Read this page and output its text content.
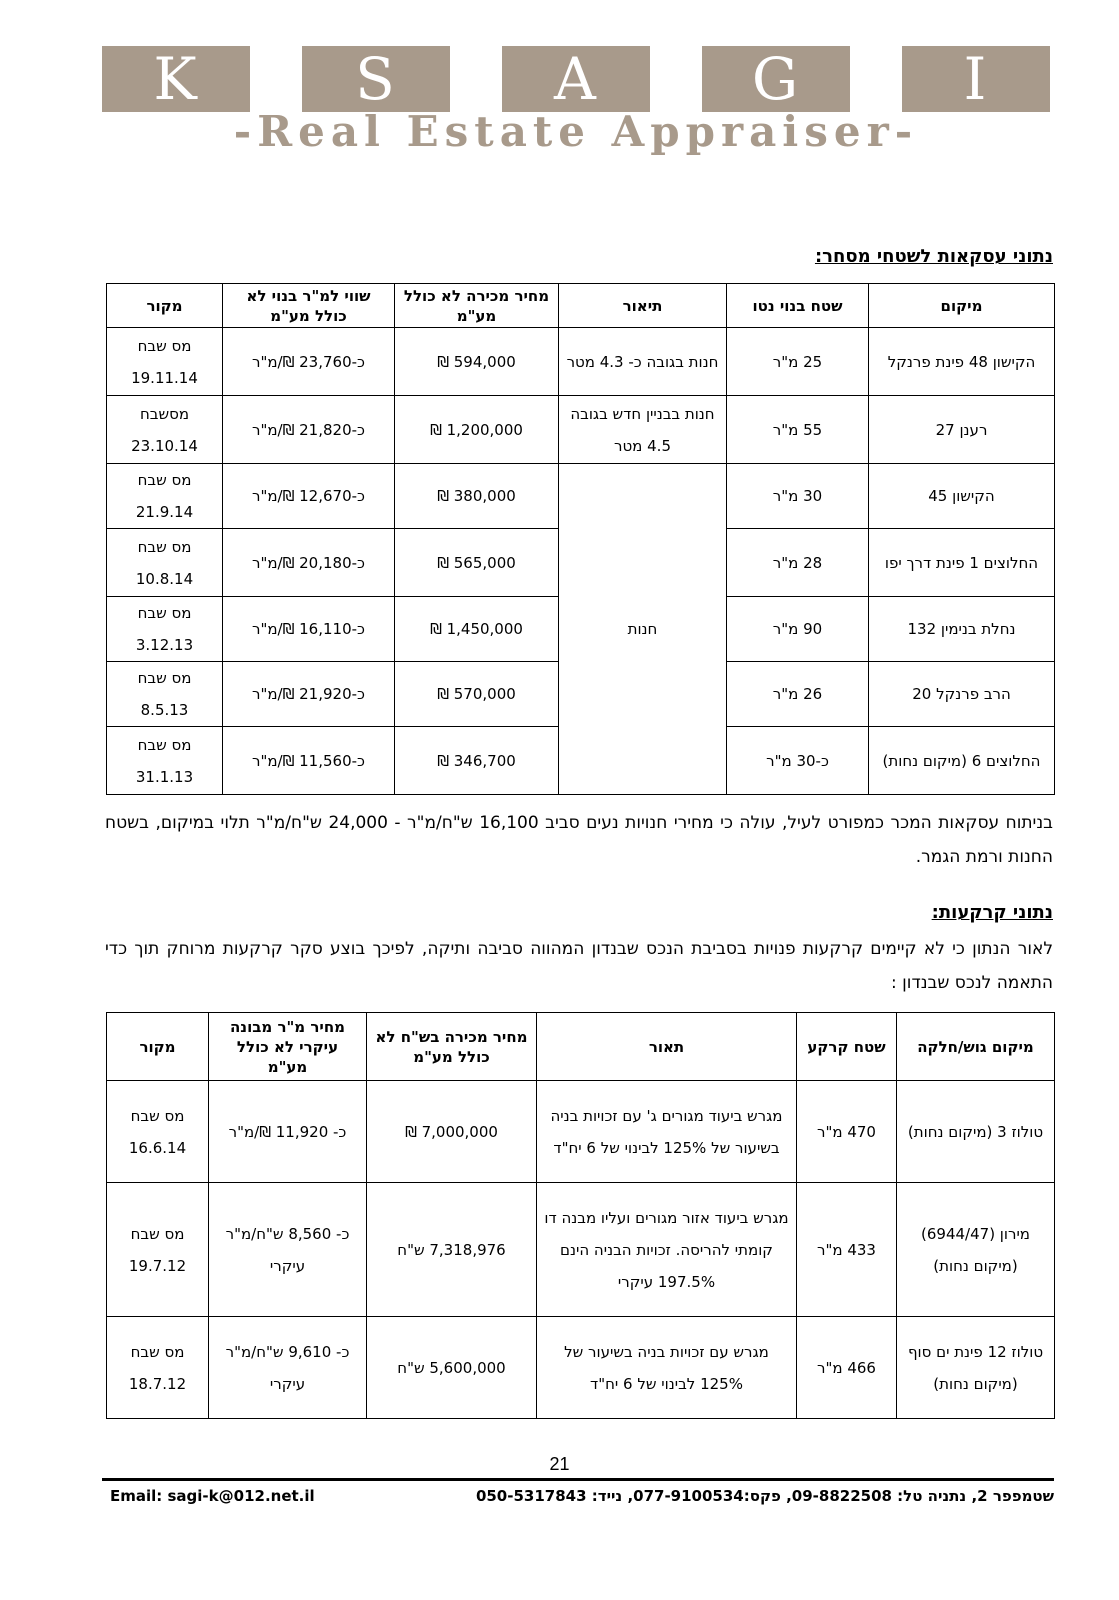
K	S	A	G	I
-Real Estate Appraiser-
נתוני עסקאות לשטחי מסחר:
מיקום	שטח בנוי נטו	תיאור	מחיר מכירה לא כולל מע"מ	שווי למ"ר בנוי לא כולל מע"מ	מקור
הקישון 48 פינת פרנקל	25 מ"ר	חנות בגובה כ- 4.3 מטר	594,000 ₪	כ-23,760 ₪/מ"ר	מס שבח 19.11.14
רענן 27	55 מ"ר	חנות בבניין חדש בגובה 4.5 מטר	1,200,000 ₪	כ-21,820 ₪/מ"ר	מסשבח 23.10.14
הקישון 45	30 מ"ר	חנות	380,000 ₪	כ-12,670 ₪/מ"ר	מס שבח 21.9.14
החלוצים 1 פינת דרך יפו	28 מ"ר		565,000 ₪	כ-20,180 ₪/מ"ר	מס שבח 10.8.14
נחלת בנימין 132	90 מ"ר		1,450,000 ₪	כ-16,110 ₪/מ"ר	מס שבח 3.12.13
הרב פרנקל 20	26 מ"ר		570,000 ₪	כ-21,920 ₪/מ"ר	מס שבח 8.5.13
החלוצים 6 (מיקום נחות)	כ-30 מ"ר		346,700 ₪	כ-11,560 ₪/מ"ר	מס שבח 31.1.13
בניתוח עסקאות המכר כמפורט לעיל, עולה כי מחירי חנויות נעים סביב 16,100 ש"ח/מ"ר - 24,000 ש"ח/מ"ר תלוי במיקום, בשטח החנות ורמת הגמר.
נתוני קרקעות:
לאור הנתון כי לא קיימים קרקעות פנויות בסביבת הנכס שבנדון המהווה סביבה ותיקה, לפיכך בוצע סקר קרקעות מרוחק תוך כדי התאמה לנכס שבנדון :
מיקום גוש/חלקה	שטח קרקע	תאור	מחיר מכירה בש"ח לא כולל מע"מ	מחיר מ"ר מבונה עיקרי לא כולל מע"מ	מקור
טולוז 3 (מיקום נחות)	470 מ"ר	מגרש ביעוד מגורים ג' עם זכויות בניה בשיעור של 125% לבינוי של 6 יח"ד	7,000,000 ₪	כ- 11,920 ₪/מ"ר	מס שבח 16.6.14
מירון (6944/47) (מיקום נחות)	433 מ"ר	מגרש ביעוד אזור מגורים ועליו מבנה דו קומתי להריסה. זכויות הבניה הינם 197.5% עיקרי	7,318,976 ש"ח	כ- 8,560 ש"ח/מ"ר עיקרי	מס שבח 19.7.12
טולוז 12 פינת ים סוף (מיקום נחות)	466 מ"ר	מגרש עם זכויות בניה בשיעור של 125% לבינוי של 6 יח"ד	5,600,000 ש"ח	כ- 9,610 ש"ח/מ"ר עיקרי	מס שבח 18.7.12
21
Email: sagi-k@012.net.il	שטמפפר 2, נתניה טל: 09-8822508, פקס:077-9100534, נייד: 050-5317843
